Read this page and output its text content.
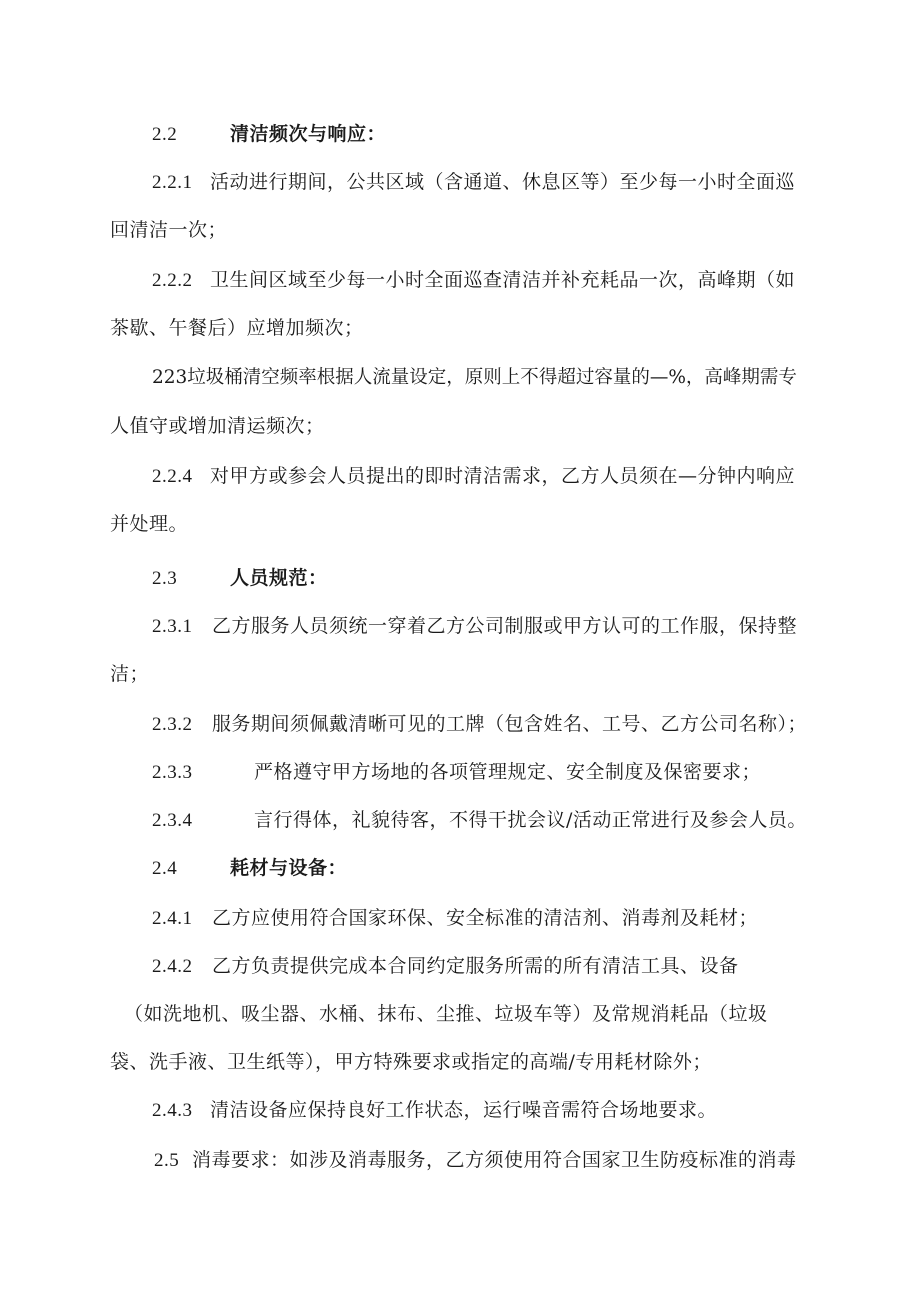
2.2	清洁频次与响应：
2.2.1 活动进行期间，公共区域（含通道、休息区等）至少每一小时全面巡
回清洁一次；
2.2.2 卫生间区域至少每一小时全面巡查清洁并补充耗品一次，高峰期（如
茶歇、午餐后）应增加频次；
223垃圾桶清空频率根据人流量设定，原则上不得超过容量的—%，高峰期需专
人值守或增加清运频次；
2.2.4 对甲方或参会人员提出的即时清洁需求，乙方人员须在—分钟内响应
并处理。
2.3	人员规范：
2.3.1 乙方服务人员须统一穿着乙方公司制服或甲方认可的工作服，保持整
洁；
2.3.2 服务期间须佩戴清晰可见的工牌（包含姓名、工号、乙方公司名称）；
2.3.3	严格遵守甲方场地的各项管理规定、安全制度及保密要求；
2.3.4	言行得体，礼貌待客，不得干扰会议/活动正常进行及参会人员。
2.4	耗材与设备：
2.4.1 乙方应使用符合国家环保、安全标准的清洁剂、消毒剂及耗材；
2.4.2 乙方负责提供完成本合同约定服务所需的所有清洁工具、设备
（如洗地机、吸尘器、水桶、抹布、尘推、垃圾车等）及常规消耗品（垃圾
袋、洗手液、卫生纸等），甲方特殊要求或指定的高端/专用耗材除外；
2.4.3 清洁设备应保持良好工作状态，运行噪音需符合场地要求。
2.5 消毒要求：如涉及消毒服务，乙方须使用符合国家卫生防疫标准的消毒
